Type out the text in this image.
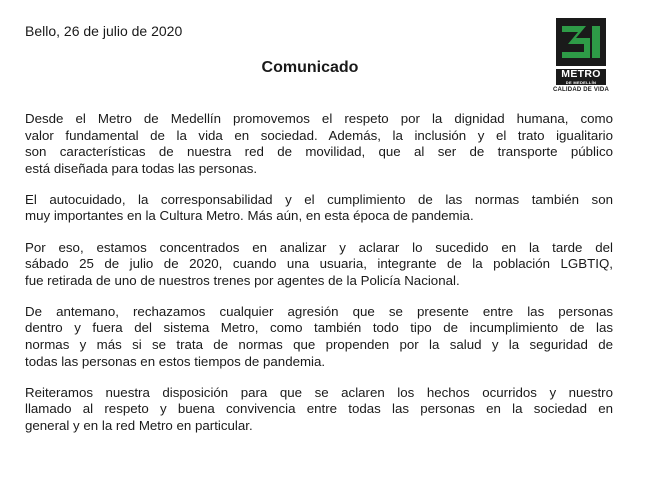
Bello, 26 de julio de 2020
Comunicado	METRO
DE MEDELLÍN
CALIDAD DE VIDA

Desde el Metro de Medellín promovemos el respeto por la dignidad humana, como
valor fundamental de la vida en sociedad. Además, la inclusión y el trato igualitario
son características de nuestra red de movilidad, que al ser de transporte público
está diseñada para todas las personas.

El autocuidado, la corresponsabilidad y el cumplimiento de las normas también son
muy importantes en la Cultura Metro. Más aún, en esta época de pandemia.

Por eso, estamos concentrados en analizar y aclarar lo sucedido en la tarde del
sábado 25 de julio de 2020, cuando una usuaria, integrante de la población LGBTIQ,
fue retirada de uno de nuestros trenes por agentes de la Policía Nacional.

De antemano, rechazamos cualquier agresión que se presente entre las personas
dentro y fuera del sistema Metro, como también todo tipo de incumplimiento de las
normas y más si se trata de normas que propenden por la salud y la seguridad de
todas las personas en estos tiempos de pandemia.

Reiteramos nuestra disposición para que se aclaren los hechos ocurridos y nuestro
llamado al respeto y buena convivencia entre todas las personas en la sociedad en
general y en la red Metro en particular.
